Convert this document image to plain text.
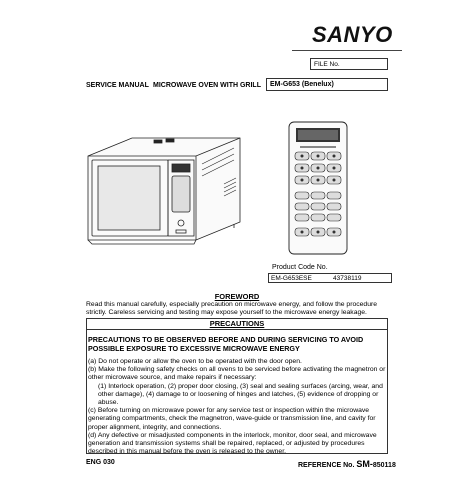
SANYO
FILE No.
SERVICE MANUAL MICROWAVE OVEN WITH GRILL	EM-G653 (Benelux)
Product Code No.
EM-G653ESE	43738119
FOREWORD
Read this manual carefully, especially precaution on microwave energy, and follow the procedure strictly. Careless servicing and testing may expose yourself to the microwave energy leakage.
PRECAUTIONS
PRECAUTIONS TO BE OBSERVED BEFORE AND DURING SERVICING TO AVOID POSSIBLE EXPOSURE TO EXCESSIVE MICROWAVE ENERGY

(a) Do not operate or allow the oven to be operated with the door open.

(b) Make the following safety checks on all ovens to be serviced before activating the magnetron or other microwave source, and make repairs if necessary:

(1) Interlock operation, (2) proper door closing, (3) seal and sealing surfaces (arcing, wear, and other damage), (4) damage to or loosening of hinges and latches, (5) evidence of dropping or abuse.

(c) Before turning on microwave power for any service test or inspection within the microwave generating compartments, check the magnetron, wave-guide or transmission line, and cavity for proper alignment, integrity, and connections.

(d) Any defective or misadjusted components in the interlock, monitor, door seal, and microwave generation and transmission systems shall be repaired, replaced, or adjusted by procedures described in this manual before the oven is released to the owner.

ENG 030	REFERENCE No. SM-850118
